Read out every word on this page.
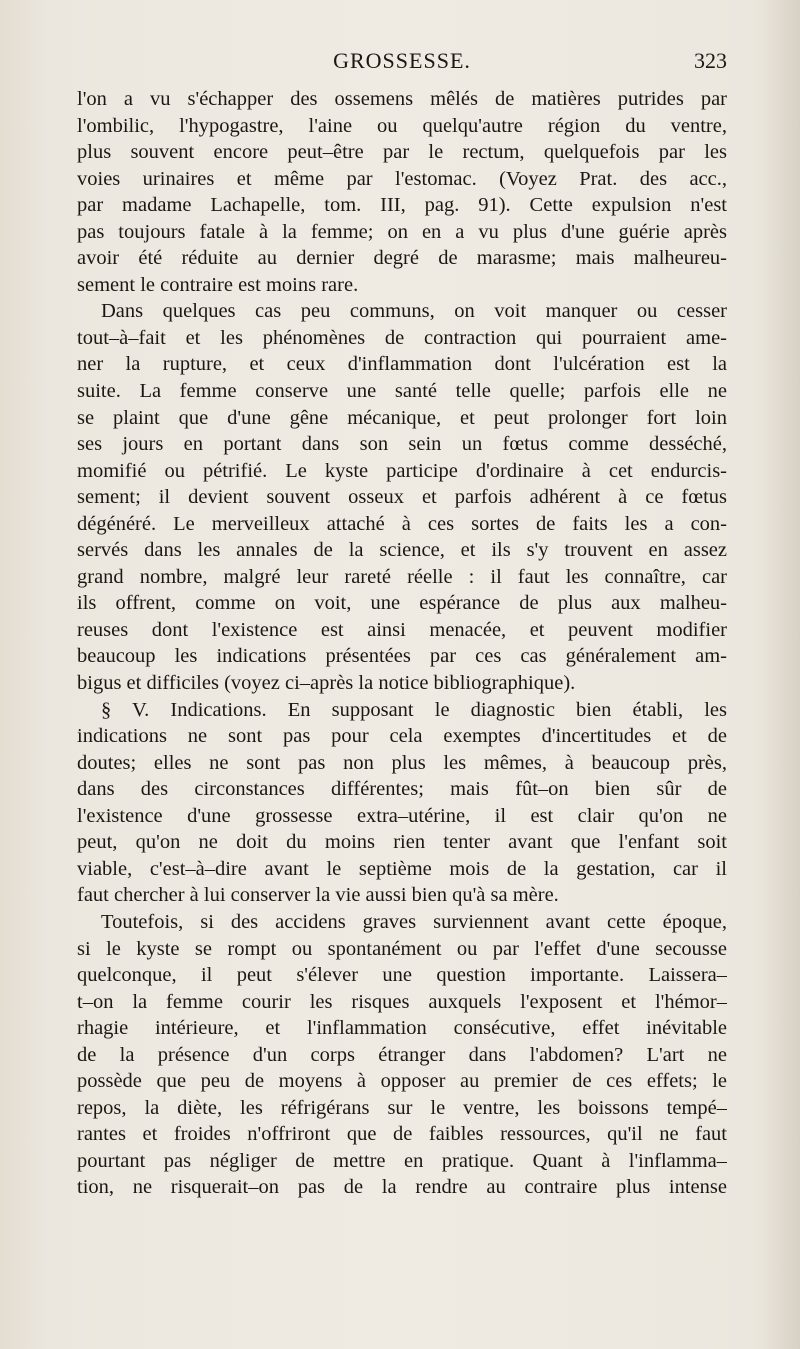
GROSSESSE.	323
l'on a vu s'échapper des ossemens mêlés de matières putrides par
l'ombilic, l'hypogastre, l'aine ou quelqu'autre région du ventre,
plus souvent encore peut–être par le rectum, quelquefois par les
voies urinaires et même par l'estomac. (Voyez Prat. des acc.,
par madame Lachapelle, tom. III, pag. 91). Cette expulsion n'est
pas toujours fatale à la femme; on en a vu plus d'une guérie après
avoir été réduite au dernier degré de marasme; mais malheureu-
sement le contraire est moins rare.
Dans quelques cas peu communs, on voit manquer ou cesser
tout–à–fait et les phénomènes de contraction qui pourraient ame-
ner la rupture, et ceux d'inflammation dont l'ulcération est la
suite. La femme conserve une santé telle quelle; parfois elle ne
se plaint que d'une gêne mécanique, et peut prolonger fort loin
ses jours en portant dans son sein un fœtus comme desséché,
momifié ou pétrifié. Le kyste participe d'ordinaire à cet endurcis-
sement; il devient souvent osseux et parfois adhérent à ce fœtus
dégénéré. Le merveilleux attaché à ces sortes de faits les a con-
servés dans les annales de la science, et ils s'y trouvent en assez
grand nombre, malgré leur rareté réelle : il faut les connaître, car
ils offrent, comme on voit, une espérance de plus aux malheu-
reuses dont l'existence est ainsi menacée, et peuvent modifier
beaucoup les indications présentées par ces cas généralement am-
bigus et difficiles (voyez ci–après la notice bibliographique).
§ V. Indications. En supposant le diagnostic bien établi, les
indications ne sont pas pour cela exemptes d'incertitudes et de
doutes; elles ne sont pas non plus les mêmes, à beaucoup près,
dans des circonstances différentes; mais fût–on bien sûr de
l'existence d'une grossesse extra–utérine, il est clair qu'on ne
peut, qu'on ne doit du moins rien tenter avant que l'enfant soit
viable, c'est–à–dire avant le septième mois de la gestation, car il
faut chercher à lui conserver la vie aussi bien qu'à sa mère.
Toutefois, si des accidens graves surviennent avant cette époque,
si le kyste se rompt ou spontanément ou par l'effet d'une secousse
quelconque, il peut s'élever une question importante. Laissera–
t–on la femme courir les risques auxquels l'exposent et l'hémor–
rhagie intérieure, et l'inflammation consécutive, effet inévitable
de la présence d'un corps étranger dans l'abdomen? L'art ne
possède que peu de moyens à opposer au premier de ces effets; le
repos, la diète, les réfrigérans sur le ventre, les boissons tempé–
rantes et froides n'offriront que de faibles ressources, qu'il ne faut
pourtant pas négliger de mettre en pratique. Quant à l'inflamma–
tion, ne risquerait–on pas de la rendre au contraire plus intense
